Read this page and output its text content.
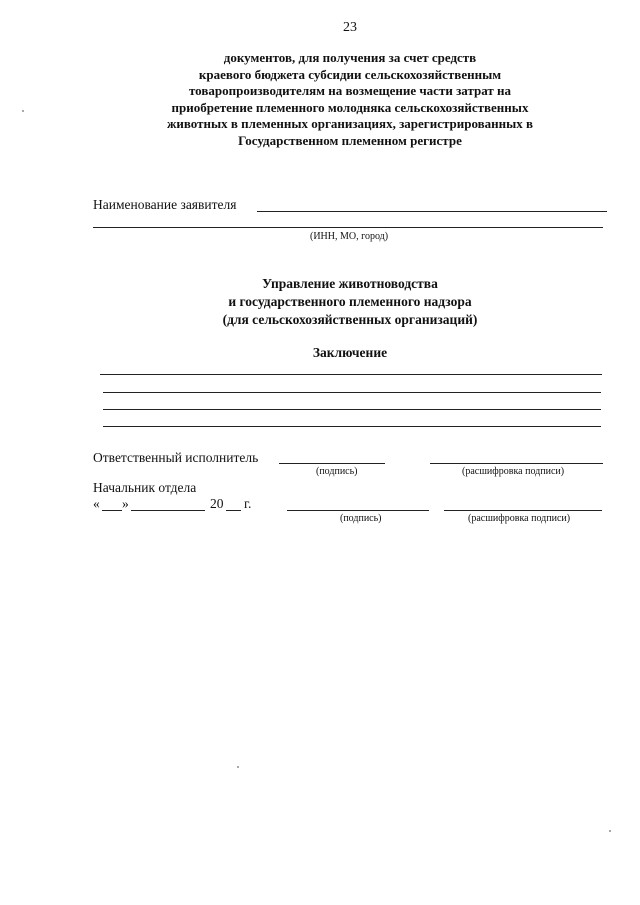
23
документов, для получения за счет средств
краевого бюджета субсидии сельскохозяйственным
товаропроизводителям на возмещение части затрат на
приобретение племенного молодняка сельскохозяйственных
животных в племенных организациях, зарегистрированных в
Государственном племенном регистре
Наименование заявителя
(ИНН, МО, город)
Управление животноводства
и государственного племенного надзора
(для сельскохозяйственных организаций)
Заключение
Ответственный исполнитель
(подпись)	(расшифровка подписи)
Начальник отдела
« »	20 г.
(подпись)	(расшифровка подписи)
